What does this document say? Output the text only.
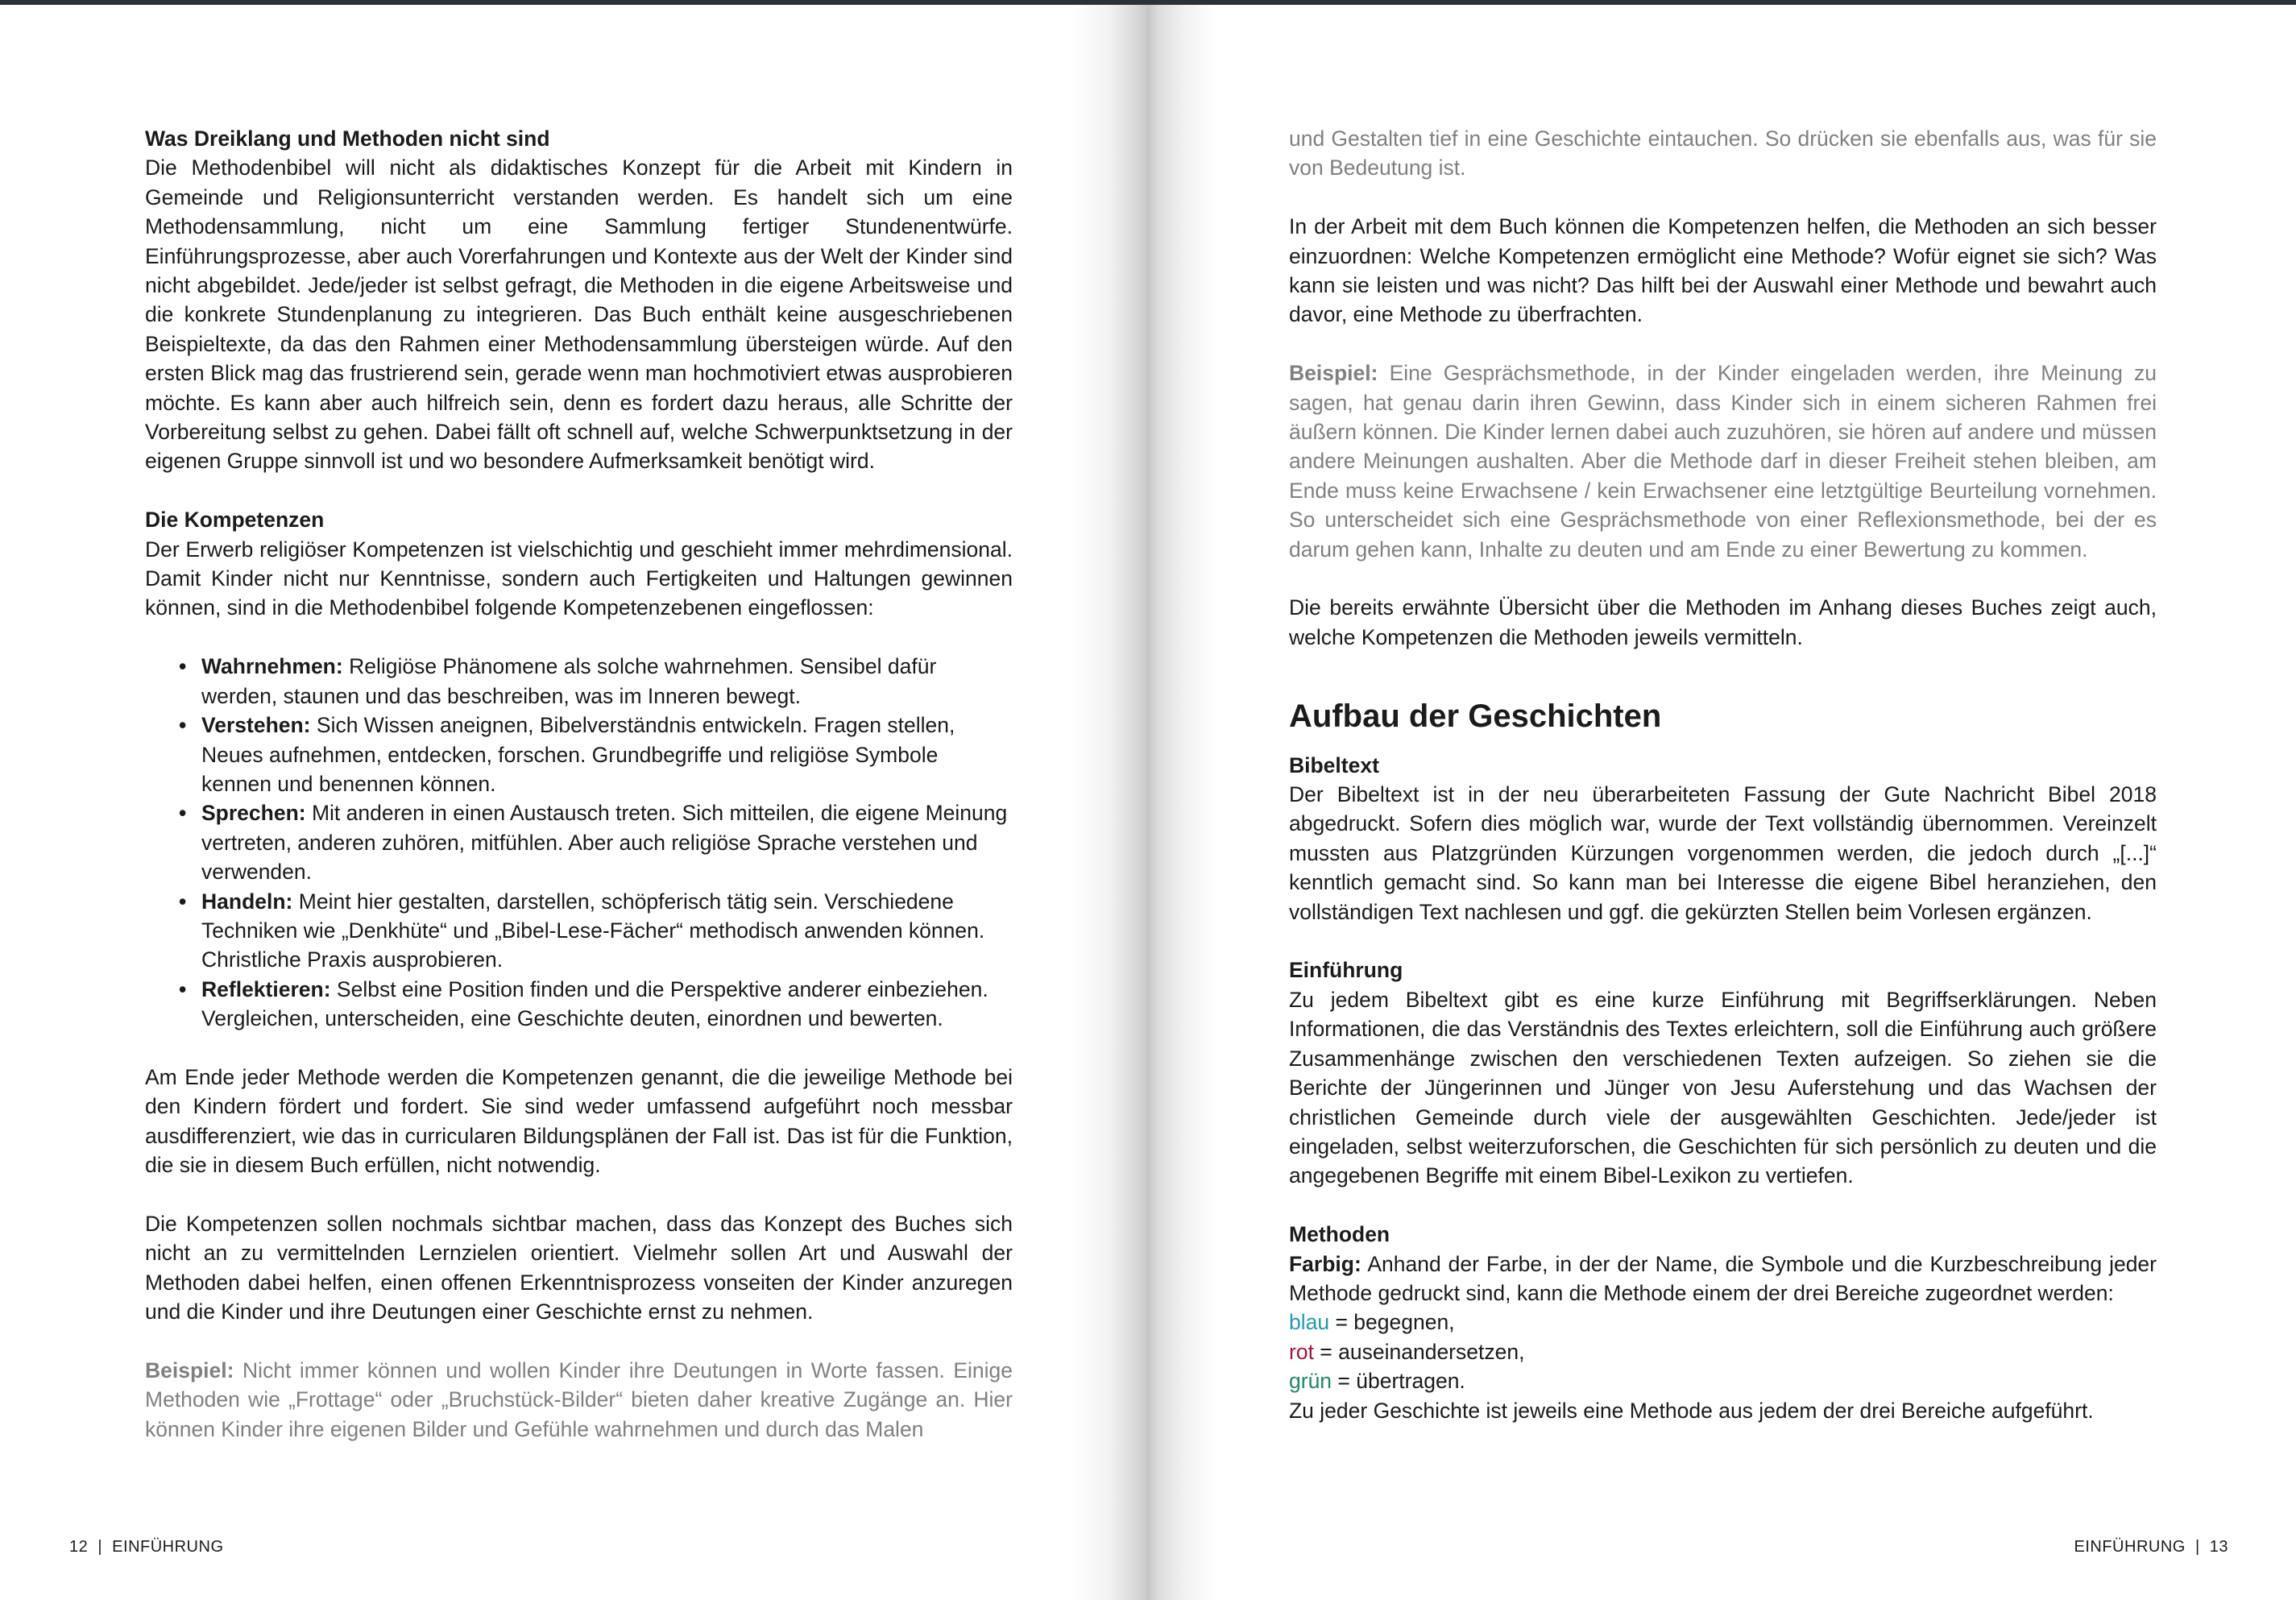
Was Dreiklang und Methoden nicht sind

Die Methodenbibel will nicht als didaktisches Konzept für die Arbeit mit Kindern in Gemeinde und Religionsunterricht verstanden werden. Es handelt sich um eine Methodensammlung, nicht um eine Sammlung fertiger Stundenentwürfe. Einführungsprozesse, aber auch Vorerfahrungen und Kontexte aus der Welt der Kinder sind nicht abgebildet. Jede/jeder ist selbst gefragt, die Methoden in die eigene Arbeitsweise und die konkrete Stundenplanung zu integrieren. Das Buch enthält keine ausgeschriebenen Beispieltexte, da das den Rahmen einer Methodensammlung übersteigen würde. Auf den ersten Blick mag das frustrierend sein, gerade wenn man hochmotiviert etwas ausprobieren möchte. Es kann aber auch hilfreich sein, denn es fordert dazu heraus, alle Schritte der Vorbereitung selbst zu gehen. Dabei fällt oft schnell auf, welche Schwerpunktsetzung in der eigenen Gruppe sinnvoll ist und wo besondere Aufmerksamkeit benötigt wird.

Die Kompetenzen

Der Erwerb religiöser Kompetenzen ist vielschichtig und geschieht immer mehrdimensional. Damit Kinder nicht nur Kenntnisse, sondern auch Fertigkeiten und Haltungen gewinnen können, sind in die Methodenbibel folgende Kompetenzebenen eingeflossen:

• Wahrnehmen: Religiöse Phänomene als solche wahrnehmen. Sensibel dafür werden, staunen und das beschreiben, was im Inneren bewegt.
• Verstehen: Sich Wissen aneignen, Bibelverständnis entwickeln. Fragen stellen, Neues aufnehmen, entdecken, forschen. Grundbegriffe und religiöse Symbole kennen und benennen können.
• Sprechen: Mit anderen in einen Austausch treten. Sich mitteilen, die eigene Meinung vertreten, anderen zuhören, mitfühlen. Aber auch religiöse Sprache verstehen und verwenden.
• Handeln: Meint hier gestalten, darstellen, schöpferisch tätig sein. Verschiedene Techniken wie „Denkhüte“ und „Bibel-Lese-Fächer“ methodisch anwenden können. Christliche Praxis ausprobieren.
• Reflektieren: Selbst eine Position finden und die Perspektive anderer einbeziehen. Vergleichen, unterscheiden, eine Geschichte deuten, einordnen und bewerten.

Am Ende jeder Methode werden die Kompetenzen genannt, die die jeweilige Methode bei den Kindern fördert und fordert. Sie sind weder umfassend aufgeführt noch messbar ausdifferenziert, wie das in curricularen Bildungsplänen der Fall ist. Das ist für die Funktion, die sie in diesem Buch erfüllen, nicht notwendig.

Die Kompetenzen sollen nochmals sichtbar machen, dass das Konzept des Buches sich nicht an zu vermittelnden Lernzielen orientiert. Vielmehr sollen Art und Auswahl der Methoden dabei helfen, einen offenen Erkenntnisprozess vonseiten der Kinder anzuregen und die Kinder und ihre Deutungen einer Geschichte ernst zu nehmen.

Beispiel: Nicht immer können und wollen Kinder ihre Deutungen in Worte fassen. Einige Methoden wie „Frottage“ oder „Bruchstück-Bilder“ bieten daher kreative Zugänge an. Hier können Kinder ihre eigenen Bilder und Gefühle wahrnehmen und durch das Malen

12  |  EINFÜHRUNG

und Gestalten tief in eine Geschichte eintauchen. So drücken sie ebenfalls aus, was für sie von Bedeutung ist.

In der Arbeit mit dem Buch können die Kompetenzen helfen, die Methoden an sich besser einzuordnen: Welche Kompetenzen ermöglicht eine Methode? Wofür eignet sie sich? Was kann sie leisten und was nicht? Das hilft bei der Auswahl einer Methode und bewahrt auch davor, eine Methode zu überfrachten.

Beispiel: Eine Gesprächsmethode, in der Kinder eingeladen werden, ihre Meinung zu sagen, hat genau darin ihren Gewinn, dass Kinder sich in einem sicheren Rahmen frei äußern können. Die Kinder lernen dabei auch zuzuhören, sie hören auf andere und müssen andere Meinungen aushalten. Aber die Methode darf in dieser Freiheit stehen bleiben, am Ende muss keine Erwachsene / kein Erwachsener eine letztgültige Beurteilung vornehmen. So unterscheidet sich eine Gesprächsmethode von einer Reflexionsmethode, bei der es darum gehen kann, Inhalte zu deuten und am Ende zu einer Bewertung zu kommen.

Die bereits erwähnte Übersicht über die Methoden im Anhang dieses Buches zeigt auch, welche Kompetenzen die Methoden jeweils vermitteln.

Aufbau der Geschichten

Bibeltext

Der Bibeltext ist in der neu überarbeiteten Fassung der Gute Nachricht Bibel 2018 abgedruckt. Sofern dies möglich war, wurde der Text vollständig übernommen. Vereinzelt mussten aus Platzgründen Kürzungen vorgenommen werden, die jedoch durch „[...]“ kenntlich gemacht sind. So kann man bei Interesse die eigene Bibel heranziehen, den vollständigen Text nachlesen und ggf. die gekürzten Stellen beim Vorlesen ergänzen.

Einführung

Zu jedem Bibeltext gibt es eine kurze Einführung mit Begriffserklärungen. Neben Informationen, die das Verständnis des Textes erleichtern, soll die Einführung auch größere Zusammenhänge zwischen den verschiedenen Texten aufzeigen. So ziehen sie die Berichte der Jüngerinnen und Jünger von Jesu Auferstehung und das Wachsen der christlichen Gemeinde durch viele der ausgewählten Geschichten. Jede/jeder ist eingeladen, selbst weiterzuforschen, die Geschichten für sich persönlich zu deuten und die angegebenen Begriffe mit einem Bibel-Lexikon zu vertiefen.

Methoden

Farbig: Anhand der Farbe, in der der Name, die Symbole und die Kurzbeschreibung jeder Methode gedruckt sind, kann die Methode einem der drei Bereiche zugeordnet werden:

blau = begegnen,

rot = auseinandersetzen,

grün = übertragen.

Zu jeder Geschichte ist jeweils eine Methode aus jedem der drei Bereiche aufgeführt.

EINFÜHRUNG  |  13
